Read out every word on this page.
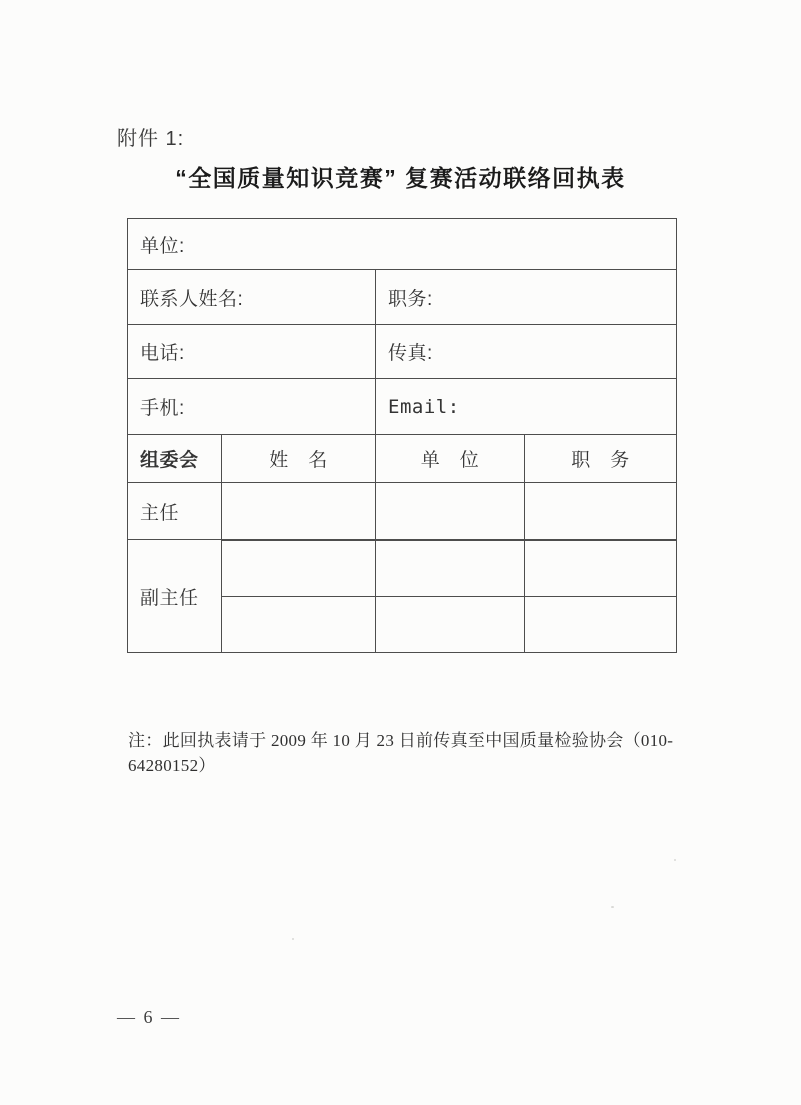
附件 1:
“全国质量知识竞赛” 复赛活动联络回执表
单位:			
联系人姓名:		职务:	
电话:		传真:	
手机:		Email:	
组委会	姓　名	单　位	职　务
主任			
副主任			

注：此回执表请于 2009 年 10 月 23 日前传真至中国质量检验协会（010-64280152）
— 6 —
